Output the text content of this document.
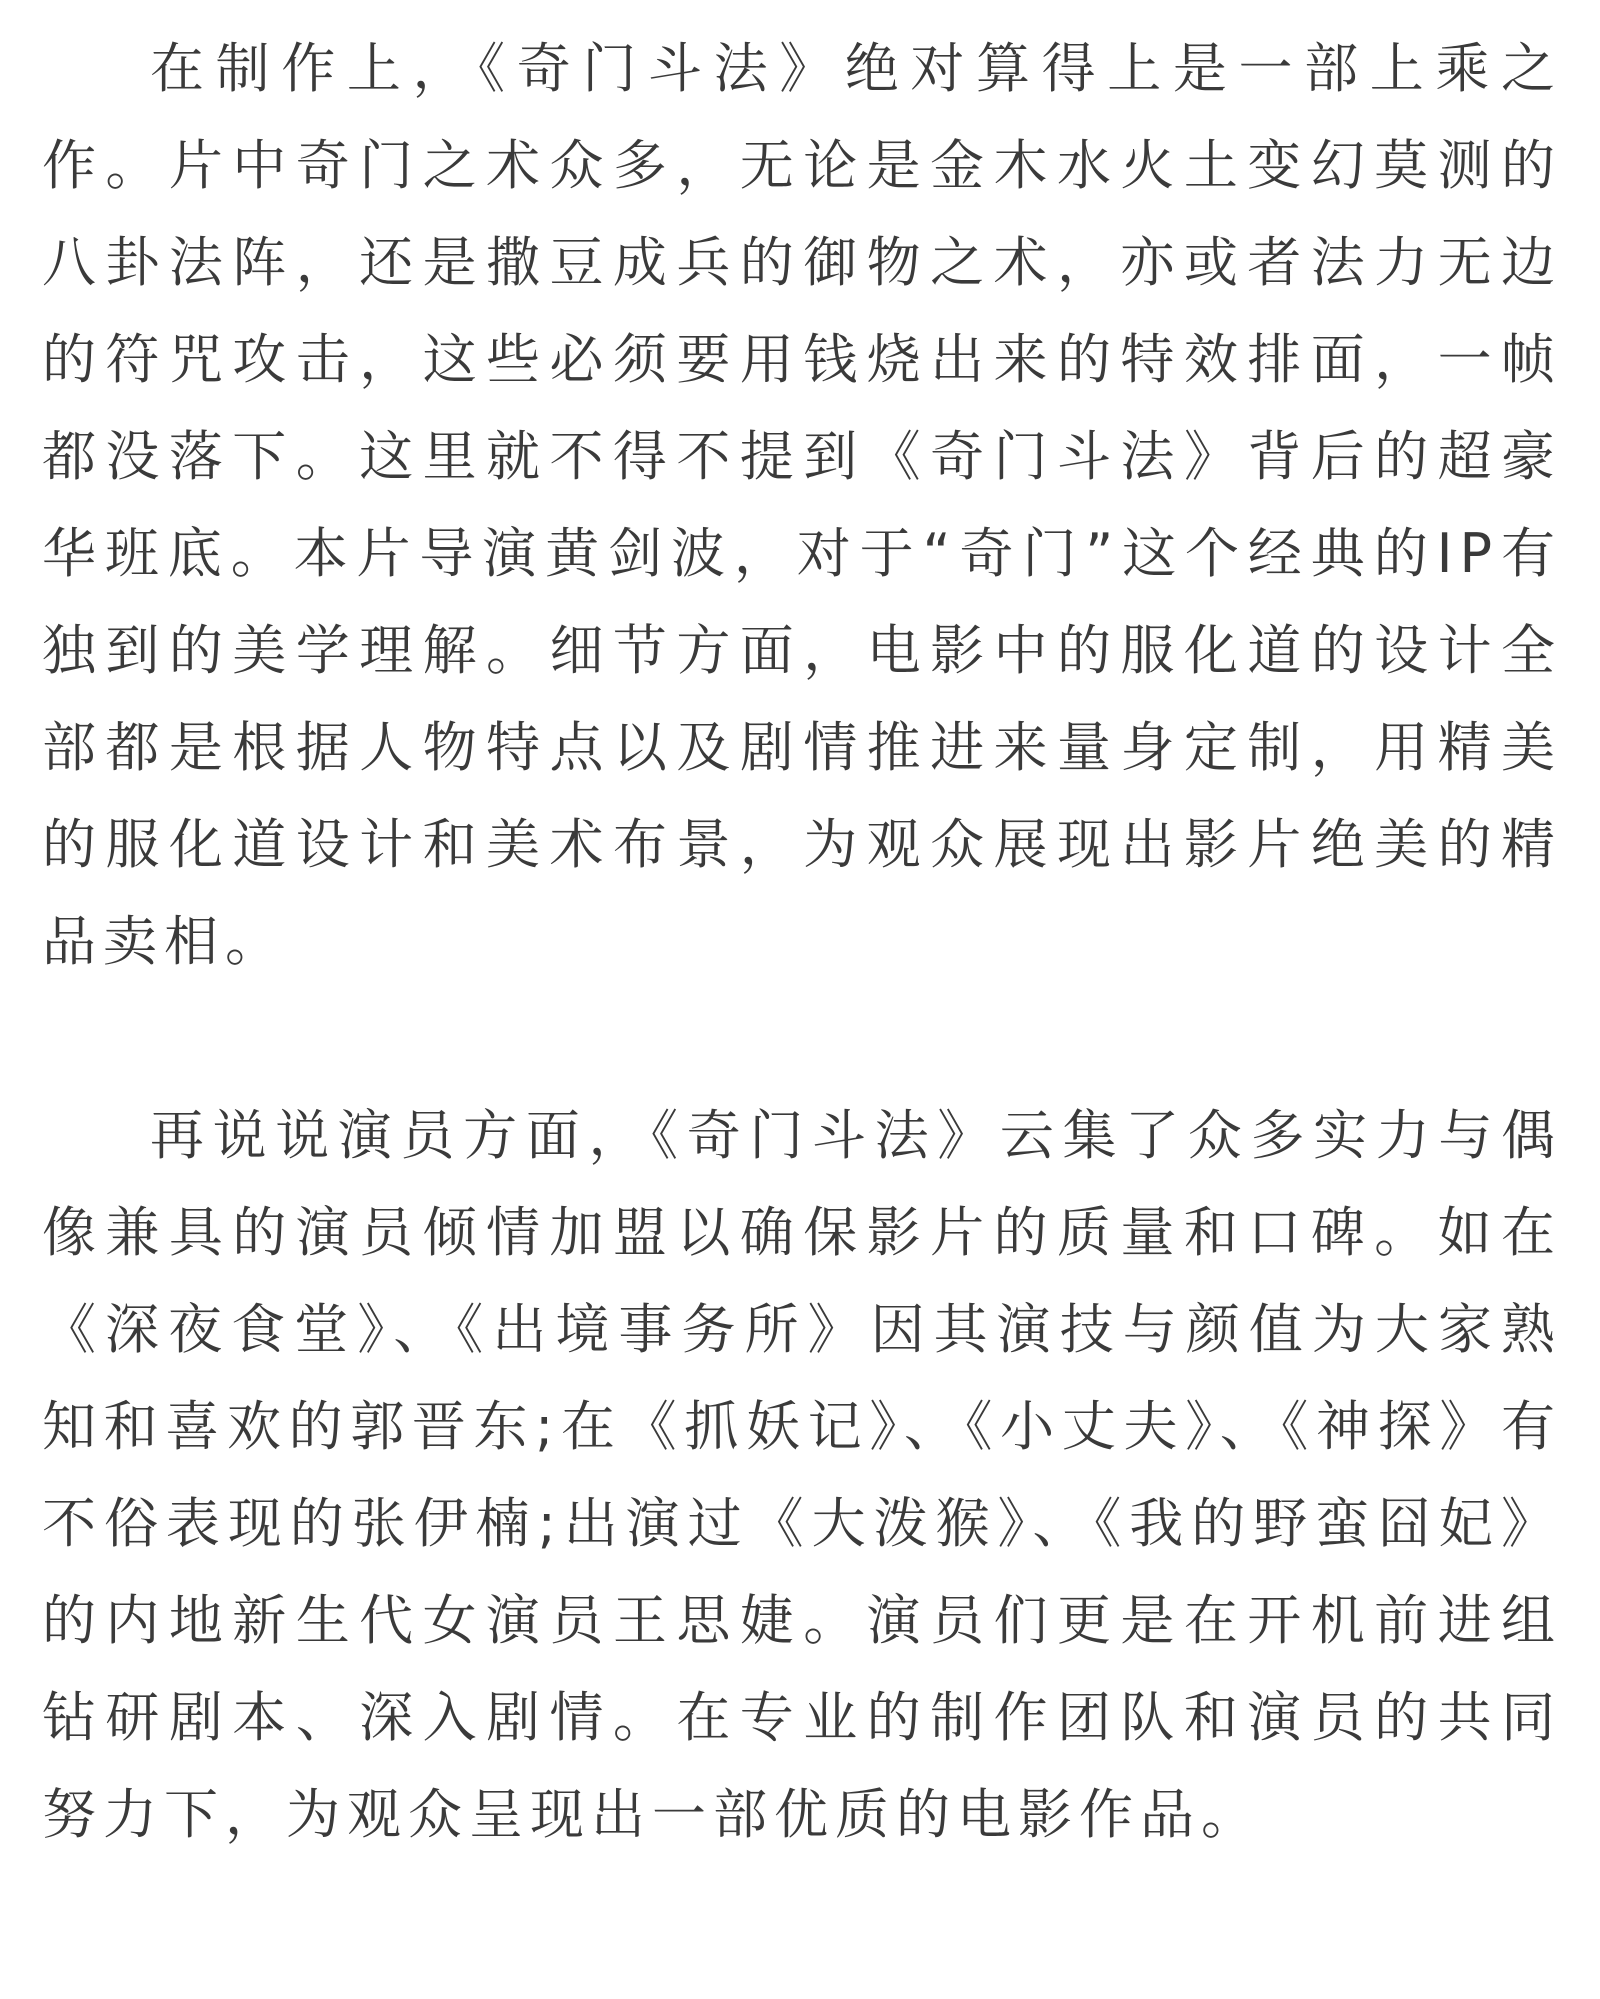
在制作上，《奇门斗法》绝对算得上是一部上乘之作。片中奇门之术众多，无论是金木水火土变幻莫测的八卦法阵，还是撒豆成兵的御物之术，亦或者法力无边的符咒攻击，这些必须要用钱烧出来的特效排面，一帧都没落下。这里就不得不提到《奇门斗法》背后的超豪华班底。本片导演黄剑波，对于“奇门”这个经典的IP有独到的美学理解。细节方面，电影中的服化道的设计全部都是根据人物特点以及剧情推进来量身定制，用精美的服化道设计和美术布景，为观众展现出影片绝美的精品卖相。

再说说演员方面，《奇门斗法》云集了众多实力与偶像兼具的演员倾情加盟以确保影片的质量和口碑。如在《深夜食堂》、《出境事务所》因其演技与颜值为大家熟知和喜欢的郭晋东;在《抓妖记》、《小丈夫》、《神探》有不俗表现的张伊楠;出演过《大泼猴》、《我的野蛮囧妃》的内地新生代女演员王思婕。演员们更是在开机前进组钻研剧本、深入剧情。在专业的制作团队和演员的共同努力下，为观众呈现出一部优质的电影作品。
